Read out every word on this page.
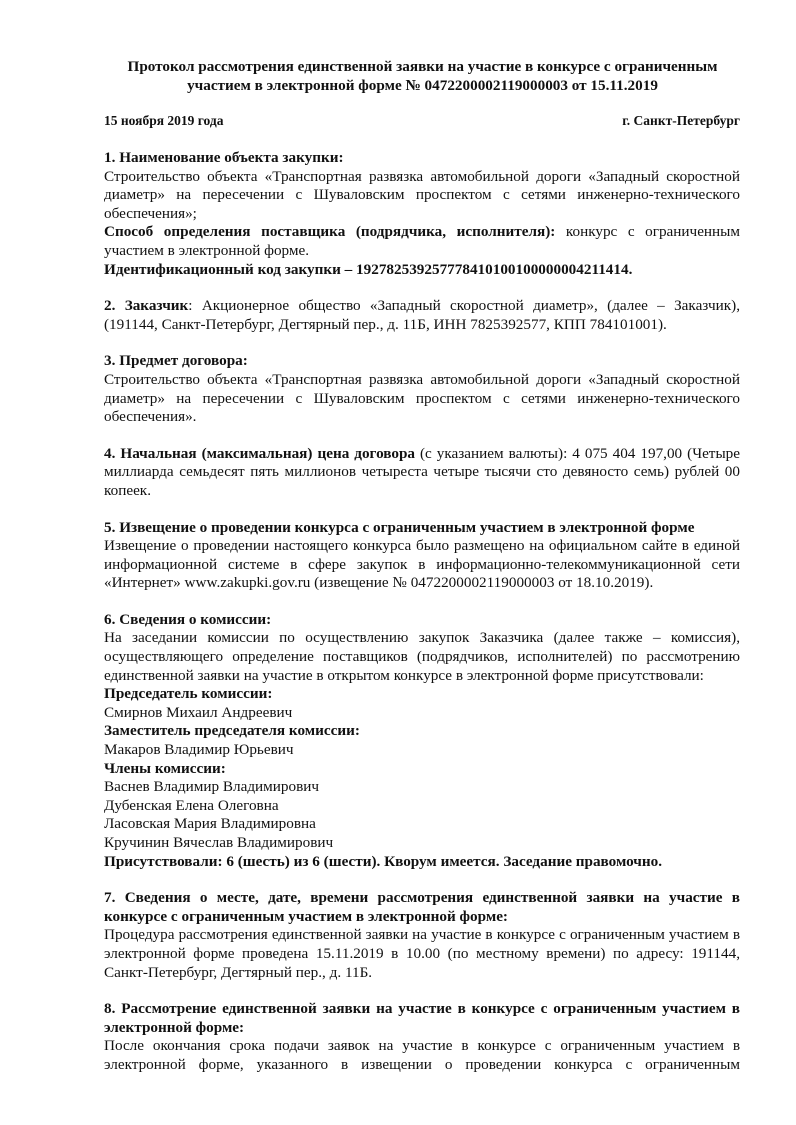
Протокол рассмотрения единственной заявки на участие в конкурсе с ограниченным участием в электронной форме № 0472200002119000003 от 15.11.2019
15 ноября 2019 года	г. Санкт-Петербург

1. Наименование объекта закупки:

Строительство объекта «Транспортная развязка автомобильной дороги «Западный скоростной диаметр» на пересечении с Шуваловским проспектом с сетями инженерно-технического обеспечения»;

Способ определения поставщика (подрядчика, исполнителя): конкурс с ограниченным участием в электронной форме.

Идентификационный код закупки – 192782539257778410100100000004211414.

2. Заказчик: Акционерное общество «Западный скоростной диаметр», (далее – Заказчик), (191144, Санкт-Петербург, Дегтярный пер., д. 11Б, ИНН 7825392577, КПП 784101001).

3. Предмет договора:

Строительство объекта «Транспортная развязка автомобильной дороги «Западный скоростной диаметр» на пересечении с Шуваловским проспектом с сетями инженерно-технического обеспечения».

4. Начальная (максимальная) цена договора (с указанием валюты): 4 075 404 197,00 (Четыре миллиарда семьдесят пять миллионов четыреста четыре тысячи сто девяносто семь) рублей 00 копеек.

5. Извещение о проведении конкурса с ограниченным участием в электронной форме

Извещение о проведении настоящего конкурса было размещено на официальном сайте в единой информационной системе в сфере закупок в информационно-телекоммуникационной сети «Интернет» www.zakupki.gov.ru (извещение № 0472200002119000003 от 18.10.2019).

6. Сведения о комиссии:

На заседании комиссии по осуществлению закупок Заказчика (далее также – комиссия), осуществляющего определение поставщиков (подрядчиков, исполнителей) по рассмотрению единственной заявки на участие в открытом конкурсе в электронной форме присутствовали:

Председатель комиссии:

Смирнов Михаил Андреевич

Заместитель председателя комиссии:

Макаров Владимир Юрьевич

Члены комиссии:

Васнев Владимир Владимирович

Дубенская Елена Олеговна

Ласовская Мария Владимировна

Кручинин Вячеслав Владимирович

Присутствовали: 6 (шесть) из 6 (шести). Кворум имеется. Заседание правомочно.

7. Сведения о месте, дате, времени рассмотрения единственной заявки на участие в конкурсе с ограниченным участием в электронной форме:

Процедура рассмотрения единственной заявки на участие в конкурсе с ограниченным участием в электронной форме проведена 15.11.2019 в 10.00 (по местному времени) по адресу: 191144, Санкт-Петербург, Дегтярный пер., д. 11Б.

8. Рассмотрение единственной заявки на участие в конкурсе с ограниченным участием в электронной форме:

После окончания срока подачи заявок на участие в конкурсе с ограниченным участием в электронной форме, указанного в извещении о проведении конкурса с ограниченным
